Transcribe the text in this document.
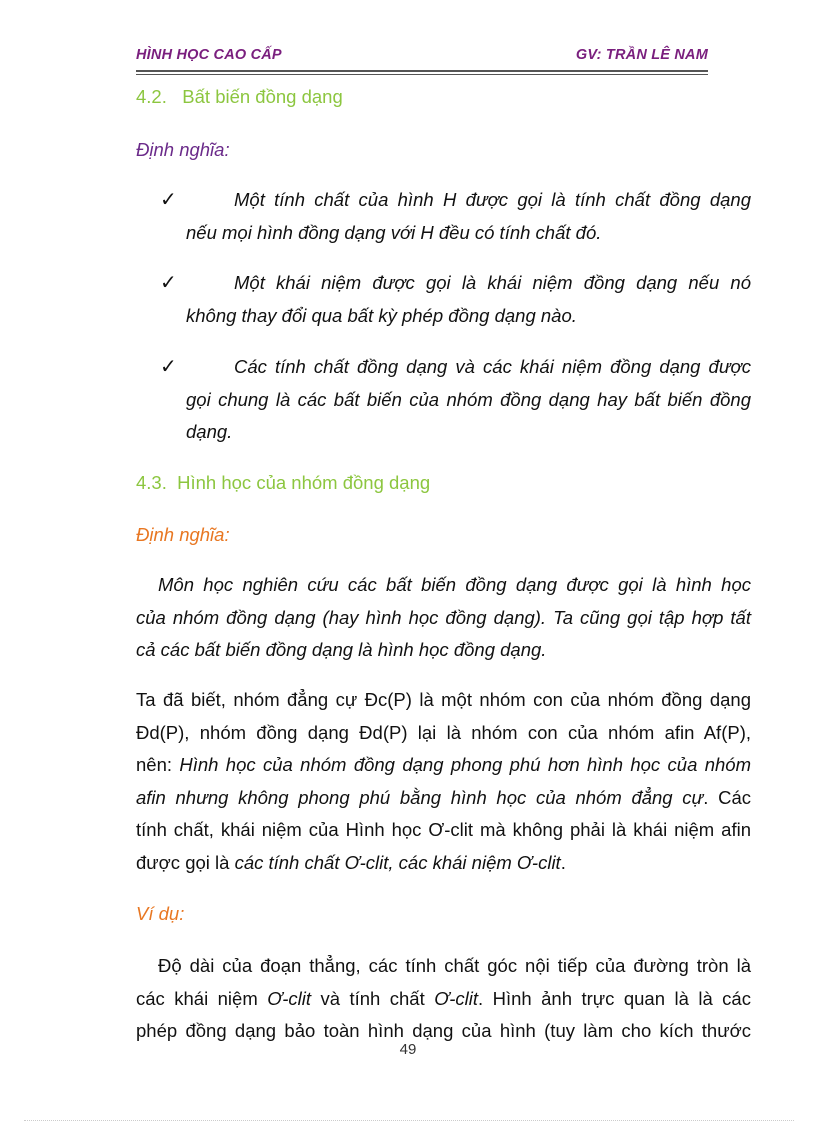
HÌNH HỌC CAO CẤP	GV: TRẦN LÊ NAM
4.2. Bất biến đồng dạng
Định nghĩa:
✓	Một tính chất của hình H được gọi là tính chất đồng dạng
nếu mọi hình đồng dạng với H đều có tính chất đó.
✓	Một khái niệm được gọi là khái niệm đồng dạng nếu nó
không thay đổi qua bất kỳ phép đồng dạng nào.
✓	Các tính chất đồng dạng và các khái niệm đồng dạng được
gọi chung là các bất biến của nhóm đồng dạng hay bất biến đồng
dạng.
4.3. Hình học của nhóm đồng dạng
Định nghĩa:
Môn học nghiên cứu các bất biến đồng dạng được gọi là hình học
của nhóm đồng dạng (hay hình học đồng dạng). Ta cũng gọi tập hợp tất
cả các bất biến đồng dạng là hình học đồng dạng.
Ta đã biết, nhóm đẳng cự Đc(P) là một nhóm con của nhóm đồng dạng
Đd(P), nhóm đồng dạng Đd(P) lại là nhóm con của nhóm afin Af(P),
nên: Hình học của nhóm đồng dạng phong phú hơn hình học của nhóm
afin nhưng không phong phú bằng hình học của nhóm đẳng cự. Các
tính chất, khái niệm của Hình học Ơ-clit mà không phải là khái niệm afin
được gọi là các tính chất Ơ-clit, các khái niệm Ơ-clit.
Ví dụ:
Độ dài của đoạn thẳng, các tính chất góc nội tiếp của đường tròn là
các khái niệm Ơ-clit và tính chất Ơ-clit. Hình ảnh trực quan là là các
phép đồng dạng bảo toàn hình dạng của hình (tuy làm cho kích thước
49
